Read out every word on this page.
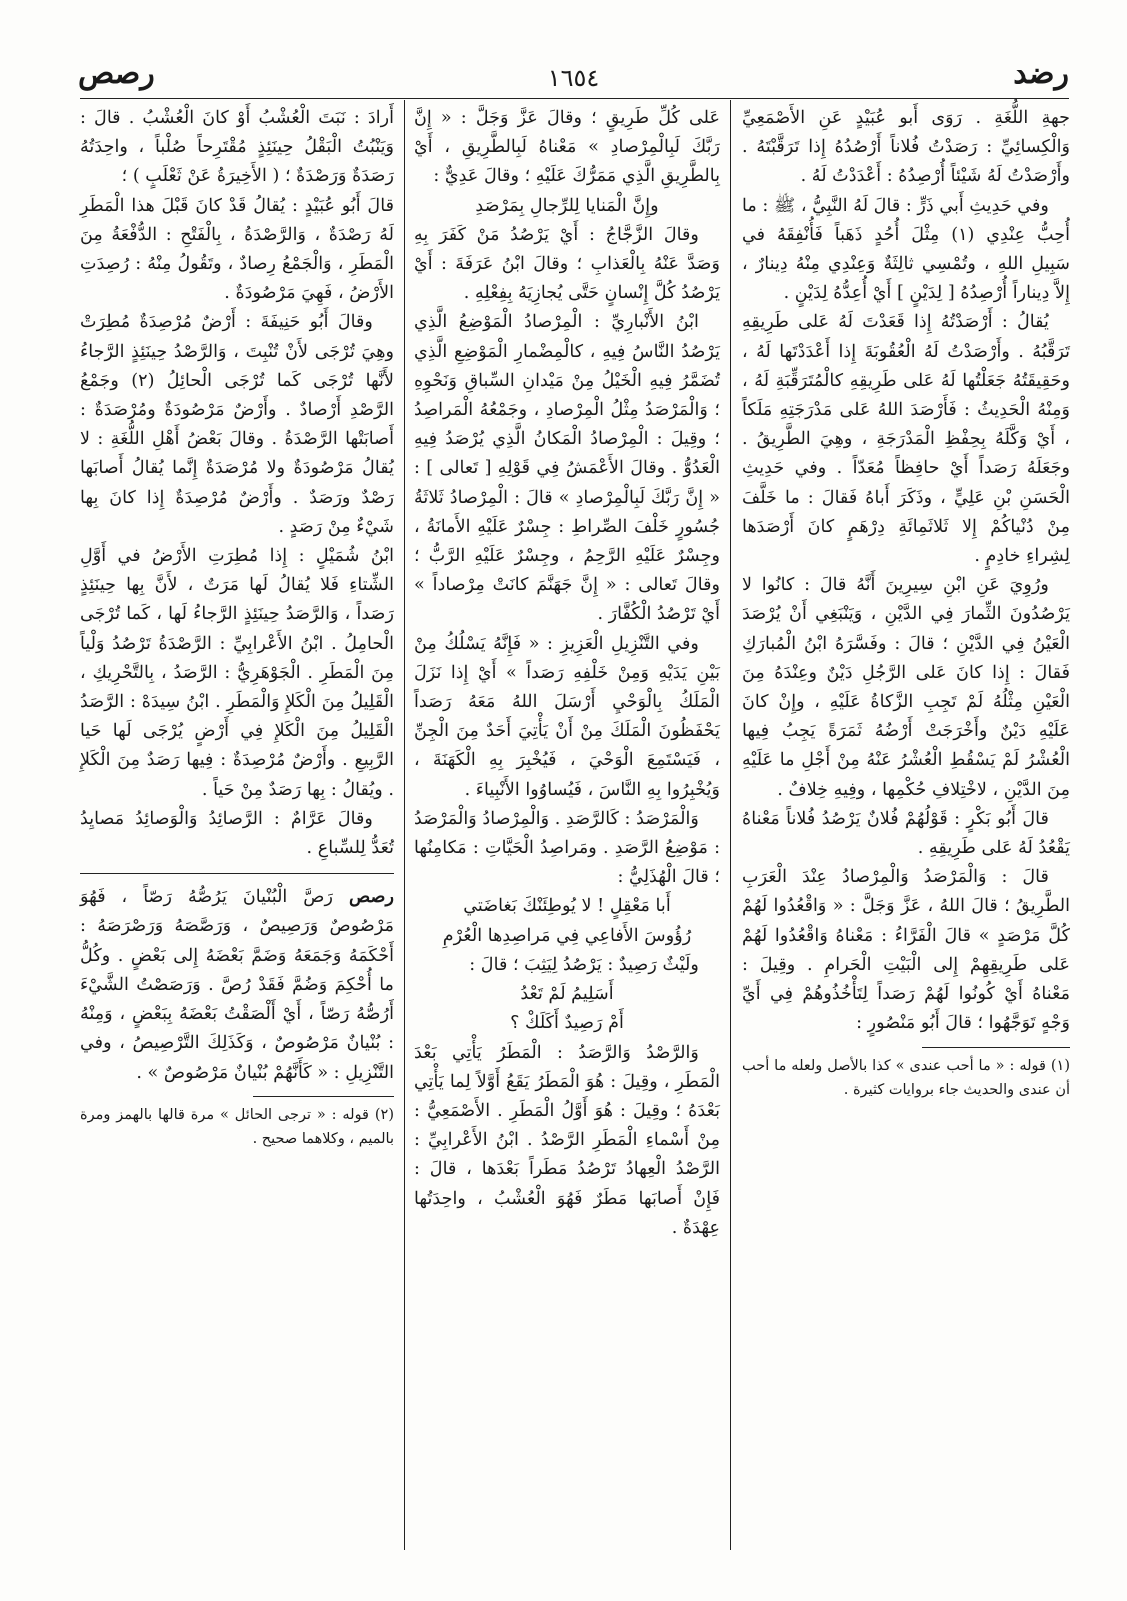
رضد
١٦٥٤
رصص

جهةِ اللُّغَةِ . رَوَى أَبو عُبَيْدٍ عَنِ الأَصْمَعِيِّ وَالْكِسائِيِّ : رَصَدْتُ فُلاناً أَرْصُدُهُ إِذا تَرَقَّبْتَهُ . وأَرْصَدْتُ لَهُ شَيْئاً أُرْصِدُهُ : أَعْدَدْتُ لَهُ .

وفي حَدِيثِ أَبي ذَرٍّ : قالَ لَهُ النَّبِيُّ ، ﷺ : ما أُحِبُّ عِنْدِي (١) مِثْلَ أُحُدٍ ذَهَباً فَأُنْفِقَهُ في سَبِيلِ اللهِ ، وتُمْسِي ثالِثَةٌ وَعِنْدِي مِنْهُ دِينارٌ ، إِلاَّ دِيناراً أُرْصِدُهُ [ لِدَيْنٍ ] أَيْ أُعِدُّهُ لِدَيْنٍ .

يُقالُ : أَرْصَدْتُهُ إِذا قَعَدْتَ لَهُ عَلى طَرِيقِهِ تَرَقَّبُهُ . وأَرْصَدْتُ لَهُ الْعُقُوبَةَ إِذا أَعْدَدْتَها لَهُ ، وحَقِيقَتُهُ جَعَلْتُها لَهُ عَلى طَرِيقِهِ كالْمُتَرَقِّبَةِ لَهُ ، وَمِنْهُ الْحَدِيثُ : فَأَرْصَدَ اللهُ عَلى مَدْرَجَتِهِ مَلَكاً ، أَيْ وَكَّلَهُ بِحِفْظِ الْمَدْرَجَةِ ، وهِيَ الطَّرِيقُ . وجَعَلَهُ رَصَداً أَيْ حافِظاً مُعَدّاً . وفي حَدِيثِ الْحَسَنِ بْنِ عَلِيٍّ ، وذَكَرَ أَباهُ فَقالَ : ما خَلَّفَ مِنْ دُنْياكُمْ إِلا ثَلاثَمِائَةِ دِرْهَمٍ كانَ أَرْصَدَها لِشِراءِ خادِمٍ .

ورُوِيَ عَنِ ابْنِ سِيرِينَ أَنَّهُ قالَ : كانُوا لا يَرْصُدُونَ الثِّمارَ فِي الدَّيْنِ ، وَيَنْبَغِي أَنْ يُرْصَدَ الْعَيْنُ فِي الدَّيْنِ ؛ قالَ : وفَسَّرَهُ ابْنُ الْمُبارَكِ فَقالَ : إِذا كانَ عَلى الرَّجُلِ دَيْنٌ وعِنْدَهُ مِنَ الْعَيْنِ مِثْلُهُ لَمْ تَجِبِ الزَّكاةُ عَلَيْهِ ، وإِنْ كانَ عَلَيْهِ دَيْنٌ وأَخْرَجَتْ أَرْضُهُ ثَمَرَةً يَجِبُ فِيها الْعُشْرُ لَمْ يَسْقُطِ الْعُشْرُ عَنْهُ مِنْ أَجْلِ ما عَلَيْهِ مِنَ الدَّيْنِ ، لاخْتِلافِ حُكْمِها ، وفِيهِ خِلافٌ .

قالَ أَبُو بَكْرٍ : قَوْلُهُمْ فُلانٌ يَرْصُدُ فُلاناً مَعْناهُ يَقْعُدُ لَهُ عَلى طَرِيقِهِ .

قالَ : وَالْمَرْصَدُ وَالْمِرْصادُ عِنْدَ الْعَرَبِ الطَّرِيقُ ؛ قالَ اللهُ ، عَزَّ وَجَلَّ : « وَاقْعُدُوا لَهُمْ كُلَّ مَرْصَدٍ » قالَ الْفَرَّاءُ : مَعْناهُ وَاقْعُدُوا لَهُمْ عَلى طَرِيقِهِمْ إِلى الْبَيْتِ الْحَرامِ . وقِيلَ : مَعْناهُ أَيْ كُونُوا لَهُمْ رَصَداً لِتَأْخُذُوهُمْ فِي أَيِّ وَجْهٍ تَوَجَّهُوا ؛ قالَ أَبُو مَنْصُورٍ :

(١) قوله : « ما أحب عندى » كذا بالأصل ولعله ما أحب أن عندى والحديث جاء بروايات كثيرة .

عَلى كُلِّ طَرِيقٍ ؛ وقالَ عَزَّ وَجَلَّ : « إِنَّ رَبَّكَ لَبِالْمِرْصادِ » مَعْناهُ لَبِالطَّرِيقِ ، أَيْ بِالطَّرِيقِ الَّذِي مَمَرُّكَ عَلَيْهِ ؛ وقالَ عَدِيٌّ :

وإِنَّ الْمَنايا لِلرِّجالِ بِمَرْصَدِ

وقالَ الزَّجَّاجُ : أَيْ يَرْصُدُ مَنْ كَفَرَ بِهِ وَصَدَّ عَنْهُ بِالْعَذابِ ؛ وقالَ ابْنُ عَرَفَةَ : أَيْ يَرْصُدُ كُلَّ إِنْسانٍ حَتَّى يُجازِيَهُ بِفِعْلِهِ .

ابْنُ الأَنْبارِيِّ : الْمِرْصادُ الْمَوْضِعُ الَّذِي يَرْصُدُ النَّاسُ فِيهِ ، كالْمِضْمارِ الْمَوْضِعِ الَّذِي تُضَمَّرُ فِيهِ الْخَيْلُ مِنْ مَيْدانِ السِّباقِ وَنَحْوِهِ ؛ وَالْمَرْصَدُ مِثْلُ الْمِرْصادِ ، وجَمْعُهُ الْمَراصِدُ ؛ وقِيلَ : الْمِرْصادُ الْمَكانُ الَّذِي يُرْصَدُ فِيهِ الْعَدُوُّ . وقالَ الأَعْمَشُ فِي قَوْلِهِ [ تَعالى ] : « إِنَّ رَبَّكَ لَبِالْمِرْصادِ » قالَ : الْمِرْصادُ ثَلاثَةُ جُسُورٍ خَلْفَ الصِّراطِ : جِسْرٌ عَلَيْهِ الأَمانَةُ ، وجِسْرٌ عَلَيْهِ الرَّحِمُ ، وجِسْرٌ عَلَيْهِ الرَّبُّ ؛ وقالَ تَعالى : « إِنَّ جَهَنَّمَ كانَتْ مِرْصاداً » أَيْ تَرْصُدُ الْكُفَّارَ .

وفي التَّنْزِيلِ الْعَزِيزِ : « فَإِنَّهُ يَسْلُكُ مِنْ بَيْنِ يَدَيْهِ وَمِنْ خَلْفِهِ رَصَداً » أَيْ إِذا نَزَلَ الْمَلَكُ بِالْوَحْيِ أَرْسَلَ اللهُ مَعَهُ رَصَداً يَحْفَظُونَ الْمَلَكَ مِنْ أَنْ يَأْتِيَ أَحَدٌ مِنَ الْجِنِّ ، فَيَسْتَمِعَ الْوَحْيَ ، فَيُخْبِرَ بِهِ الْكَهَنَةَ ، وَيُخْبِرُوا بِهِ النَّاسَ ، فَيُساوُوا الأَنْبِياءَ .

وَالْمَرْصَدُ : كَالرَّصَدِ . وَالْمِرْصادُ وَالْمَرْصَدُ : مَوْضِعُ الرَّصَدِ . ومَراصِدُ الْحَيَّاتِ : مَكامِنُها ؛ قالَ الْهُذَلِيُّ :

أَبا مَعْقِلٍ ! لا يُوطِئَنْكَ بَغاضَتي

رُؤُوسَ الأَفاعِي فِي مَراصِدِها الْعُرْمِ

ولَيْثٌ رَصِيدٌ : يَرْصُدُ لِيَثِبَ ؛ قالَ :

أَسَلِيمُ لَمْ تَعْدُ

أَمْ رَصِيدٌ أَكَلَكْ ؟

وَالرَّصْدُ وَالرَّصَدُ : الْمَطَرُ يَأْتِي بَعْدَ الْمَطَرِ ، وقِيلَ : هُوَ الْمَطَرُ يَقَعُ أَوَّلاً لِما يَأْتِي بَعْدَهُ ؛ وقِيلَ : هُوَ أَوَّلُ الْمَطَرِ . الأَصْمَعِيُّ : مِنْ أَسْماءِ الْمَطَرِ الرَّصْدُ . ابْنُ الأَعْرابِيِّ : الرَّصْدُ الْعِهادُ تَرْصُدُ مَطَراً بَعْدَها ، قالَ : فَإِنْ أَصابَها مَطَرٌ فَهُوَ الْعُشْبُ ، واحِدَتُها عِهْدَةٌ .

أَرادَ : نَبَتَ الْعُشْبُ أَوْ كانَ الْعُشْبُ . قالَ : وَيَنْبُتُ الْبَقْلُ حِينَئِذٍ مُقْتَرِحاً صُلْباً ، واحِدَتُهُ رَصَدَةٌ وَرَصْدَةٌ ؛ ( الأَخِيرَةُ عَنْ ثَعْلَبٍ ) ؛

قالَ أَبُو عُبَيْدٍ : يُقالُ قَدْ كانَ قَبْلَ هذا الْمَطَرِ لَهُ رَصْدَةٌ ، وَالرَّصْدَةُ ، بِالْفَتْحِ : الدُّفْعَةُ مِنَ الْمَطَرِ ، وَالْجَمْعُ رِصادٌ ، وتَقُولُ مِنْهُ : رُصِدَتِ الأَرْضُ ، فَهِيَ مَرْصُودَةٌ .

وقالَ أَبُو حَنِيفَةَ : أَرْضٌ مُرْصِدَةٌ مُطِرَتْ وهِيَ تُرْجَى لأَنْ تُنْبِتَ ، وَالرَّصْدُ حِينَئِذٍ الرَّجاءُ لأَنَّها تُرْجَى كَما تُرْجَى الْحائِلُ (٢) وجَمْعُ الرَّصْدِ أَرْصادٌ . وأَرْضٌ مَرْصُودَةٌ ومُرْصَدَةٌ : أَصابَتْها الرَّصْدَةُ . وقالَ بَعْضُ أَهْلِ اللُّغَةِ : لا يُقالُ مَرْصُودَةٌ ولا مُرْصَدَةٌ إِنَّما يُقالُ أَصابَها رَصْدٌ ورَصَدٌ . وأَرْضٌ مُرْصِدَةٌ إِذا كانَ بِها شَيْءٌ مِنْ رَصَدٍ .

ابْنُ شُمَيْلٍ : إِذا مُطِرَتِ الأَرْضُ في أَوَّلِ الشِّتاءِ فَلا يُقالُ لَها مَرَتٌ ، لأَنَّ بِها حِينَئِذٍ رَصَداً ، وَالرَّصَدُ حِينَئِذٍ الرَّجاءُ لَها ، كَما تُرْجَى الْحامِلُ . ابْنُ الأَعْرابِيِّ : الرَّصْدَةُ تَرْصُدُ وَلْياً مِنَ الْمَطَرِ . الْجَوْهَرِيُّ : الرَّصَدُ ، بِالتَّحْرِيكِ ، الْقَلِيلُ مِنَ الْكَلإِ وَالْمَطَرِ . ابْنُ سِيدَهْ : الرَّصَدُ الْقَلِيلُ مِنَ الْكَلإِ فِي أَرْضٍ يُرْجَى لَها حَيا الرَّبِيعِ . وأَرْضٌ مُرْصِدَةٌ : فِيها رَصَدٌ مِنَ الْكَلإِ . ويُقالُ : بِها رَصَدٌ مِنْ حَياً .

وقالَ عَرَّامٌ : الرَّصائِدُ وَالْوَصائِدُ مَصايِدُ تُعَدُّ لِلسِّباعِ .

رصص رَصَّ الْبُنْيانَ يَرُصُّهُ رَصّاً ، فَهُوَ مَرْصُوصٌ وَرَصِيصٌ ، وَرَصَّصَهُ وَرَصْرَصَهُ : أَحْكَمَهُ وَجَمَعَهُ وَضَمَّ بَعْضَهُ إِلى بَعْضٍ . وكُلُّ ما أُحْكِمَ وَضُمَّ فَقَدْ رُصَّ . وَرَصَصْتُ الشَّيْءَ أَرُصُّهُ رَصّاً ، أَيْ أَلْصَقْتُ بَعْضَهُ بِبَعْضٍ ، وَمِنْهُ : بُنْيانٌ مَرْصُوصٌ ، وَكَذَلِكَ التَّرْصِيصُ ، وفي التَّنْزِيلِ : « كَأَنَّهُمْ بُنْيانٌ مَرْصُوصٌ » .

(٢) قوله : « ترجى الحائل » مرة قالها بالهمز ومرة بالميم ، وكلاهما صحيح .
